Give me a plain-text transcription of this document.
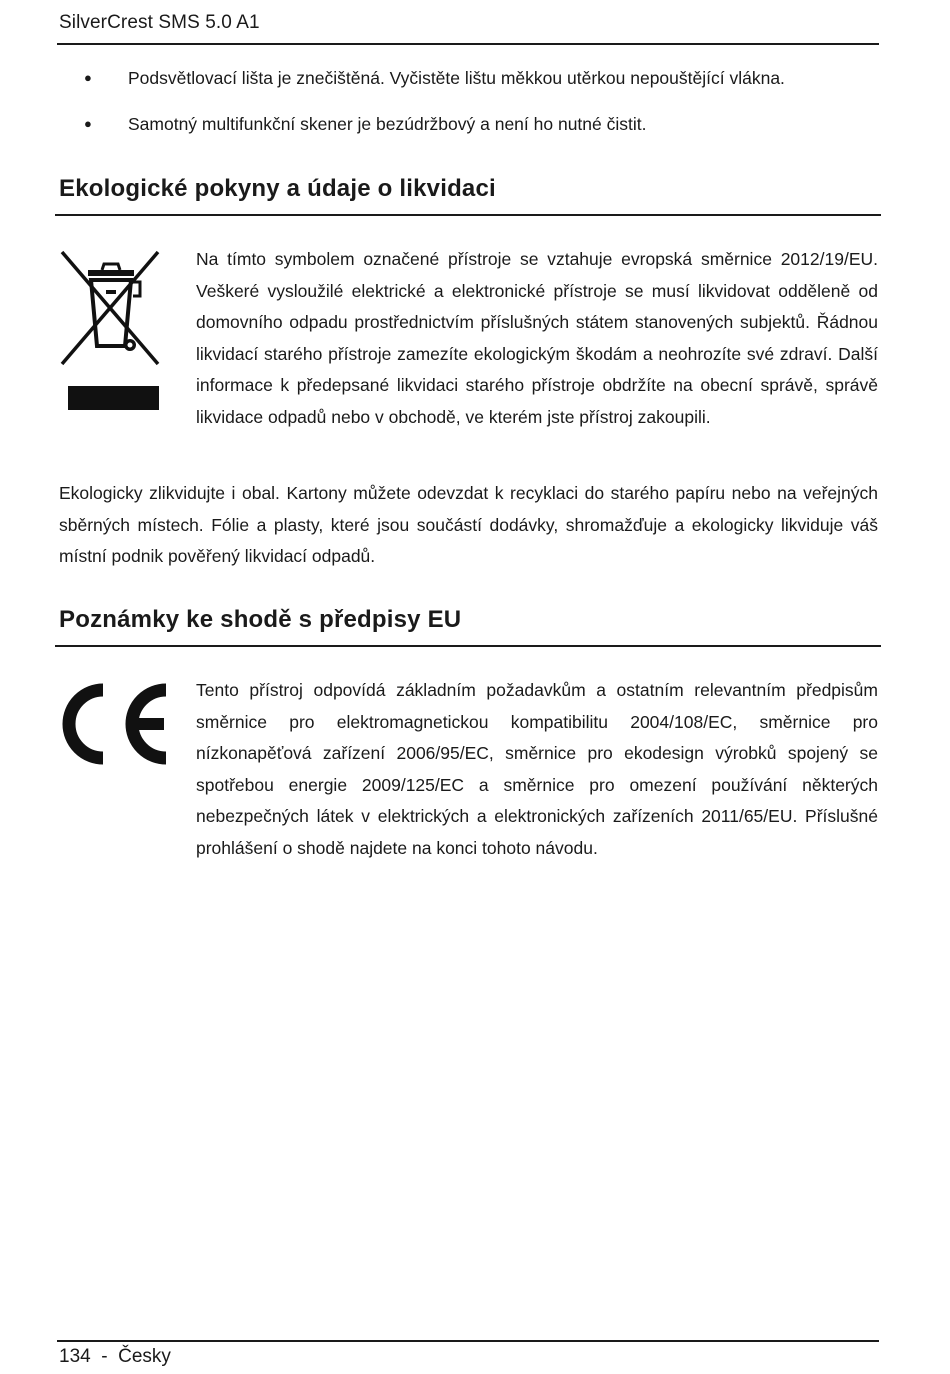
SilverCrest SMS 5.0 A1
●	Podsvětlovací lišta je znečištěná. Vyčistěte lištu měkkou utěrkou nepouštějící vlákna.
●	Samotný multifunkční skener je bezúdržbový a není ho nutné čistit.
Ekologické pokyny a údaje o likvidaci

Na tímto symbolem označené přístroje se vztahuje evropská směrnice 2012/19/EU. Veškeré vysloužilé elektrické a elektronické přístroje se musí likvidovat odděleně od domovního odpadu prostřednictvím příslušných státem stanovených subjektů. Řádnou likvidací starého přístroje zamezíte ekologickým škodám a neohrozíte své zdraví. Další informace k předepsané likvidaci starého přístroje obdržíte na obecní správě, správě likvidace odpadů nebo v obchodě, ve kterém jste přístroj zakoupili.

Ekologicky zlikvidujte i obal. Kartony můžete odevzdat k recyklaci do starého papíru nebo na veřejných sběrných místech. Fólie a plasty, které jsou součástí dodávky, shromažďuje a ekologicky likviduje váš místní podnik pověřený likvidací odpadů.

Poznámky ke shodě s předpisy EU

Tento přístroj odpovídá základním požadavkům a ostatním relevantním předpisům směrnice pro elektromagnetickou kompatibilitu 2004/108/EC, směrnice pro nízkonapěťová zařízení 2006/95/EC, směrnice pro ekodesign výrobků spojený se spotřebou energie 2009/125/EC a směrnice pro omezení používání některých nebezpečných látek v elektrických a elektronických zařízeních 2011/65/EU. Příslušné prohlášení o shodě najdete na konci tohoto návodu.

134  -  Česky
